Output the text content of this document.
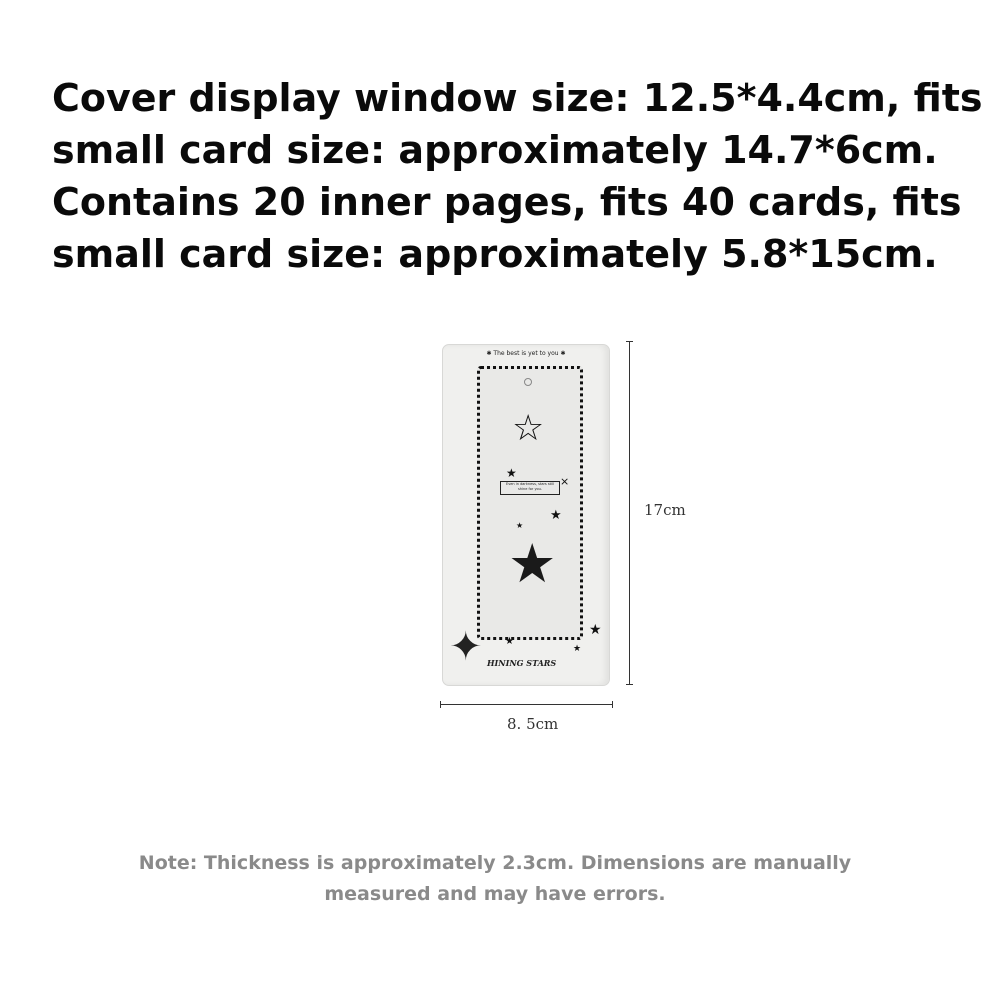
Cover display window size: 12.5*4.4cm, fits
small card size: approximately 14.7*6cm.
Contains 20 inner pages, fits 40 cards, fits
small card size: approximately 5.8*15cm.
✱ The best is yet to you ✱
☆
★
⨯
Even in darkness, stars still shine for you.
★
★
★
✦ ★
★
★
HINING STARS
17cm
8. 5cm
Note: Thickness is approximately 2.3cm. Dimensions are manually
measured and may have errors.
